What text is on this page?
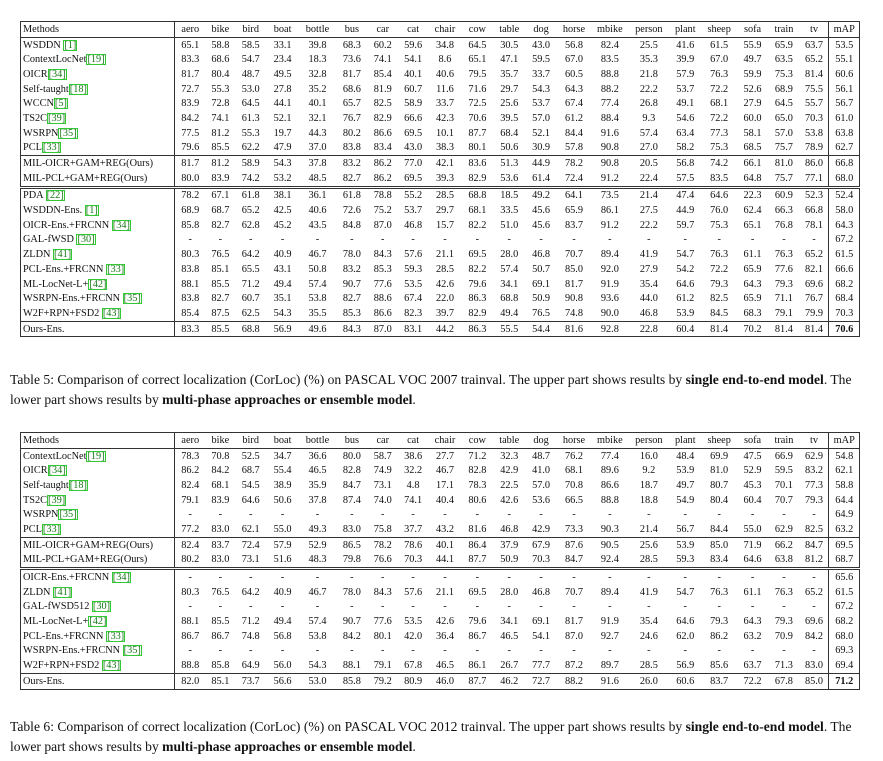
Methods	aero	bike	bird	boat	bottle	bus	car	cat	chair	cow	table	dog	horse	mbike	person	plant	sheep	sofa	train	tv	mAP
WSDDN [1]	65.1	58.8	58.5	33.1	39.8	68.3	60.2	59.6	34.8	64.5	30.5	43.0	56.8	82.4	25.5	41.6	61.5	55.9	65.9	63.7	53.5
ContextLocNet[19]	83.3	68.6	54.7	23.4	18.3	73.6	74.1	54.1	8.6	65.1	47.1	59.5	67.0	83.5	35.3	39.9	67.0	49.7	63.5	65.2	55.1
OICR[34]	81.7	80.4	48.7	49.5	32.8	81.7	85.4	40.1	40.6	79.5	35.7	33.7	60.5	88.8	21.8	57.9	76.3	59.9	75.3	81.4	60.6
Self-taught[18]	72.7	55.3	53.0	27.8	35.2	68.6	81.9	60.7	11.6	71.6	29.7	54.3	64.3	88.2	22.2	53.7	72.2	52.6	68.9	75.5	56.1
WCCN[5]	83.9	72.8	64.5	44.1	40.1	65.7	82.5	58.9	33.7	72.5	25.6	53.7	67.4	77.4	26.8	49.1	68.1	27.9	64.5	55.7	56.7
TS2C[39]	84.2	74.1	61.3	52.1	32.1	76.7	82.9	66.6	42.3	70.6	39.5	57.0	61.2	88.4	9.3	54.6	72.2	60.0	65.0	70.3	61.0
WSRPN[35]	77.5	81.2	55.3	19.7	44.3	80.2	86.6	69.5	10.1	87.7	68.4	52.1	84.4	91.6	57.4	63.4	77.3	58.1	57.0	53.8	63.8
PCL[33]	79.6	85.5	62.2	47.9	37.0	83.8	83.4	43.0	38.3	80.1	50.6	30.9	57.8	90.8	27.0	58.2	75.3	68.5	75.7	78.9	62.7
MIL-OICR+GAM+REG(Ours)	81.7	81.2	58.9	54.3	37.8	83.2	86.2	77.0	42.1	83.6	51.3	44.9	78.2	90.8	20.5	56.8	74.2	66.1	81.0	86.0	66.8
MIL-PCL+GAM+REG(Ours)	80.0	83.9	74.2	53.2	48.5	82.7	86.2	69.5	39.3	82.9	53.6	61.4	72.4	91.2	22.4	57.5	83.5	64.8	75.7	77.1	68.0
PDA [22]	78.2	67.1	61.8	38.1	36.1	61.8	78.8	55.2	28.5	68.8	18.5	49.2	64.1	73.5	21.4	47.4	64.6	22.3	60.9	52.3	52.4
WSDDN-Ens. [1]	68.9	68.7	65.2	42.5	40.6	72.6	75.2	53.7	29.7	68.1	33.5	45.6	65.9	86.1	27.5	44.9	76.0	62.4	66.3	66.8	58.0
OICR-Ens.+FRCNN [34]	85.8	82.7	62.8	45.2	43.5	84.8	87.0	46.8	15.7	82.2	51.0	45.6	83.7	91.2	22.2	59.7	75.3	65.1	76.8	78.1	64.3
GAL-fWSD [30]	-	-	-	-	-	-	-	-	-	-	-	-	-	-	-	-	-	-	-	-	67.2
ZLDN [41]	80.3	76.5	64.2	40.9	46.7	78.0	84.3	57.6	21.1	69.5	28.0	46.8	70.7	89.4	41.9	54.7	76.3	61.1	76.3	65.2	61.5
PCL-Ens.+FRCNN [33]	83.8	85.1	65.5	43.1	50.8	83.2	85.3	59.3	28.5	82.2	57.4	50.7	85.0	92.0	27.9	54.2	72.2	65.9	77.6	82.1	66.6
ML-LocNet-L+[42]	88.1	85.5	71.2	49.4	57.4	90.7	77.6	53.5	42.6	79.6	34.1	69.1	81.7	91.9	35.4	64.6	79.3	64.3	79.3	69.6	68.2
WSRPN-Ens.+FRCNN [35]	83.8	82.7	60.7	35.1	53.8	82.7	88.6	67.4	22.0	86.3	68.8	50.9	90.8	93.6	44.0	61.2	82.5	65.9	71.1	76.7	68.4
W2F+RPN+FSD2 [43]	85.4	87.5	62.5	54.3	35.5	85.3	86.6	82.3	39.7	82.9	49.4	76.5	74.8	90.0	46.8	53.9	84.5	68.3	79.1	79.9	70.3
Ours-Ens.	83.3	85.5	68.8	56.9	49.6	84.3	87.0	83.1	44.2	86.3	55.5	54.4	81.6	92.8	22.8	60.4	81.4	70.2	81.4	81.4	70.6
Table 5: Comparison of correct localization (CorLoc) (%) on PASCAL VOC 2007 trainval. The upper part shows results by single end-to-end model. The lower part shows results by multi-phase approaches or ensemble model.
Methods	aero	bike	bird	boat	bottle	bus	car	cat	chair	cow	table	dog	horse	mbike	person	plant	sheep	sofa	train	tv	mAP
ContextLocNet[19]	78.3	70.8	52.5	34.7	36.6	80.0	58.7	38.6	27.7	71.2	32.3	48.7	76.2	77.4	16.0	48.4	69.9	47.5	66.9	62.9	54.8
OICR[34]	86.2	84.2	68.7	55.4	46.5	82.8	74.9	32.2	46.7	82.8	42.9	41.0	68.1	89.6	9.2	53.9	81.0	52.9	59.5	83.2	62.1
Self-taught[18]	82.4	68.1	54.5	38.9	35.9	84.7	73.1	4.8	17.1	78.3	22.5	57.0	70.8	86.6	18.7	49.7	80.7	45.3	70.1	77.3	58.8
TS2C[39]	79.1	83.9	64.6	50.6	37.8	87.4	74.0	74.1	40.4	80.6	42.6	53.6	66.5	88.8	18.8	54.9	80.4	60.4	70.7	79.3	64.4
WSRPN[35]	-	-	-	-	-	-	-	-	-	-	-	-	-	-	-	-	-	-	-	-	64.9
PCL[33]	77.2	83.0	62.1	55.0	49.3	83.0	75.8	37.7	43.2	81.6	46.8	42.9	73.3	90.3	21.4	56.7	84.4	55.0	62.9	82.5	63.2
MIL-OICR+GAM+REG(Ours)	82.4	83.7	72.4	57.9	52.9	86.5	78.2	78.6	40.1	86.4	37.9	67.9	87.6	90.5	25.6	53.9	85.0	71.9	66.2	84.7	69.5
MIL-PCL+GAM+REG(Ours)	80.2	83.0	73.1	51.6	48.3	79.8	76.6	70.3	44.1	87.7	50.9	70.3	84.7	92.4	28.5	59.3	83.4	64.6	63.8	81.2	68.7
OICR-Ens.+FRCNN [34]	-	-	-	-	-	-	-	-	-	-	-	-	-	-	-	-	-	-	-	-	65.6
ZLDN [41]	80.3	76.5	64.2	40.9	46.7	78.0	84.3	57.6	21.1	69.5	28.0	46.8	70.7	89.4	41.9	54.7	76.3	61.1	76.3	65.2	61.5
GAL-fWSD512 [30]	-	-	-	-	-	-	-	-	-	-	-	-	-	-	-	-	-	-	-	-	67.2
ML-LocNet-L+[42]	88.1	85.5	71.2	49.4	57.4	90.7	77.6	53.5	42.6	79.6	34.1	69.1	81.7	91.9	35.4	64.6	79.3	64.3	79.3	69.6	68.2
PCL-Ens.+FRCNN [33]	86.7	86.7	74.8	56.8	53.8	84.2	80.1	42.0	36.4	86.7	46.5	54.1	87.0	92.7	24.6	62.0	86.2	63.2	70.9	84.2	68.0
WSRPN-Ens.+FRCNN [35]	-	-	-	-	-	-	-	-	-	-	-	-	-	-	-	-	-	-	-	-	69.3
W2F+RPN+FSD2 [43]	88.8	85.8	64.9	56.0	54.3	88.1	79.1	67.8	46.5	86.1	26.7	77.7	87.2	89.7	28.5	56.9	85.6	63.7	71.3	83.0	69.4
Ours-Ens.	82.0	85.1	73.7	56.6	53.0	85.8	79.2	80.9	46.0	87.7	46.2	72.7	88.2	91.6	26.0	60.6	83.7	72.2	67.8	85.0	71.2
Table 6: Comparison of correct localization (CorLoc) (%) on PASCAL VOC 2012 trainval. The upper part shows results by single end-to-end model. The lower part shows results by multi-phase approaches or ensemble model.
